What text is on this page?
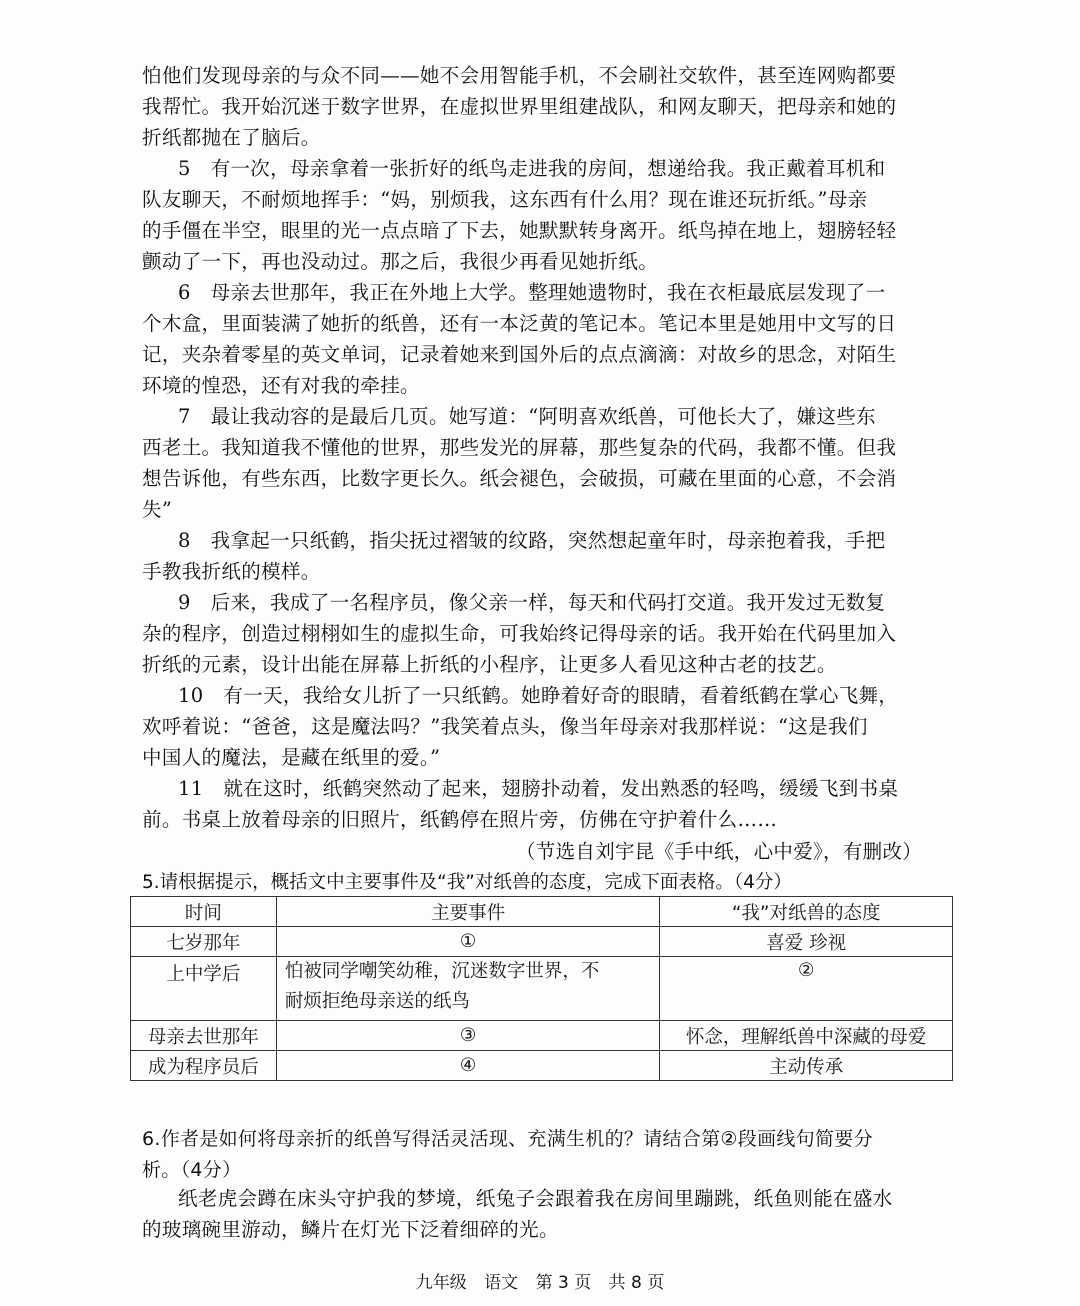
怕他们发现母亲的与众不同——她不会用智能手机，不会刷社交软件，甚至连网购都要
我帮忙。我开始沉迷于数字世界，在虚拟世界里组建战队，和网友聊天，把母亲和她的
折纸都抛在了脑后。
5　有一次，母亲拿着一张折好的纸鸟走进我的房间，想递给我。我正戴着耳机和
队友聊天，不耐烦地挥手：“妈，别烦我，这东西有什么用？现在谁还玩折纸。”母亲
的手僵在半空，眼里的光一点点暗了下去，她默默转身离开。纸鸟掉在地上，翅膀轻轻
颤动了一下，再也没动过。那之后，我很少再看见她折纸。
6　母亲去世那年，我正在外地上大学。整理她遗物时，我在衣柜最底层发现了一
个木盒，里面装满了她折的纸兽，还有一本泛黄的笔记本。笔记本里是她用中文写的日
记，夹杂着零星的英文单词，记录着她来到国外后的点点滴滴：对故乡的思念，对陌生
环境的惶恐，还有对我的牵挂。
7　最让我动容的是最后几页。她写道：“阿明喜欢纸兽，可他长大了，嫌这些东
西老土。我知道我不懂他的世界，那些发光的屏幕，那些复杂的代码，我都不懂。但我
想告诉他，有些东西，比数字更长久。纸会褪色，会破损，可藏在里面的心意，不会消
失”
8　我拿起一只纸鹤，指尖抚过褶皱的纹路，突然想起童年时，母亲抱着我，手把
手教我折纸的模样。
9　后来，我成了一名程序员，像父亲一样，每天和代码打交道。我开发过无数复
杂的程序，创造过栩栩如生的虚拟生命，可我始终记得母亲的话。我开始在代码里加入
折纸的元素，设计出能在屏幕上折纸的小程序，让更多人看见这种古老的技艺。
10　有一天，我给女儿折了一只纸鹤。她睁着好奇的眼睛，看着纸鹤在掌心飞舞，
欢呼着说：“爸爸，这是魔法吗？”我笑着点头，像当年母亲对我那样说：“这是我们
中国人的魔法，是藏在纸里的爱。”
11　就在这时，纸鹤突然动了起来，翅膀扑动着，发出熟悉的轻鸣，缓缓飞到书桌
前。书桌上放着母亲的旧照片，纸鹤停在照片旁，仿佛在守护着什么……
（节选自刘宇昆《手中纸，心中爱》，有删改）
5.请根据提示，概括文中主要事件及“我”对纸兽的态度，完成下面表格。（4分）
时间	主要事件	“我”对纸兽的态度
七岁那年	①	喜爱 珍视
上中学后	怕被同学嘲笑幼稚，沉迷数字世界，不
耐烦拒绝母亲送的纸鸟	②
母亲去世那年	③	怀念，理解纸兽中深藏的母爱
成为程序员后	④	主动传承
6.作者是如何将母亲折的纸兽写得活灵活现、充满生机的？请结合第②段画线句简要分
析。（4分）
纸老虎会蹲在床头守护我的梦境，纸兔子会跟着我在房间里蹦跳，纸鱼则能在盛水
的玻璃碗里游动，鳞片在灯光下泛着细碎的光。
九年级 语文 第 3 页 共 8 页
